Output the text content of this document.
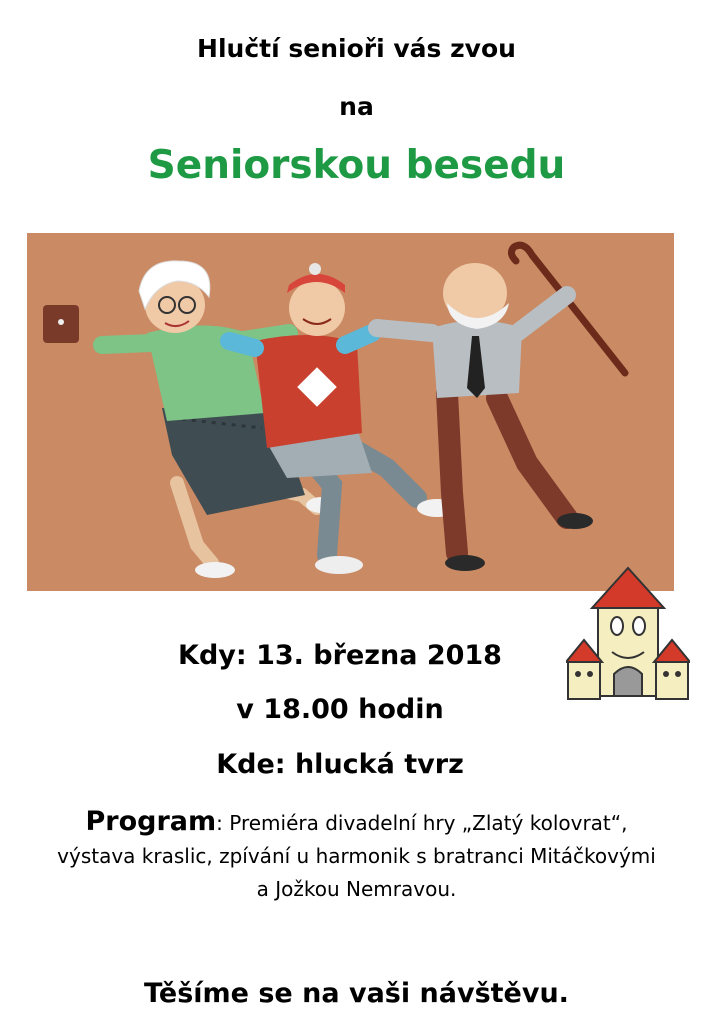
Hlučtí senioři vás zvou
na
Seniorskou besedu
Kdy: 13. března 2018
v 18.00 hodin
Kde: hlucká tvrz
Program: Premiéra divadelní hry „Zlatý kolovrat“,
výstava kraslic, zpívání u harmonik s bratranci Mitáčkovými
a Jožkou Nemravou.
Těšíme se na vaši návštěvu.
